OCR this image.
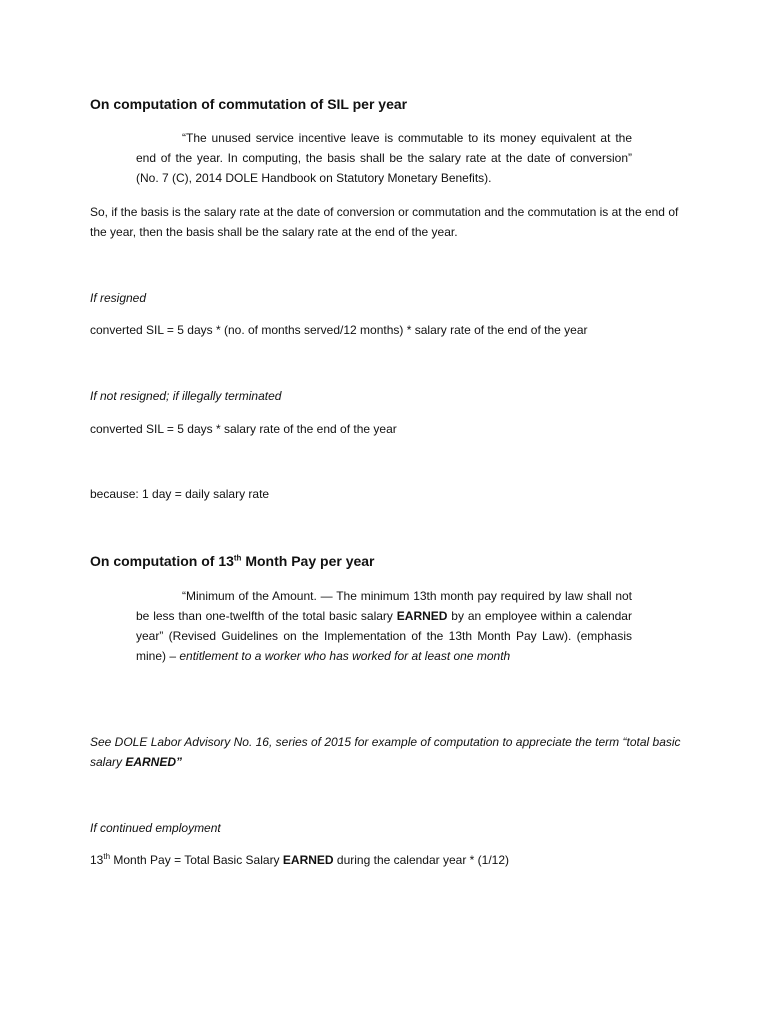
On computation of commutation of SIL per year

“The unused service incentive leave is commutable to its money equivalent at the end of the year. In computing, the basis shall be the salary rate at the date of conversion” (No. 7 (C), 2014 DOLE Handbook on Statutory Monetary Benefits).

So, if the basis is the salary rate at the date of conversion or commutation and the commutation is at the end of the year, then the basis shall be the salary rate at the end of the year.

If resigned

converted SIL = 5 days * (no. of months served/12 months) * salary rate of the end of the year

If not resigned; if illegally terminated

converted SIL = 5 days * salary rate of the end of the year

because: 1 day = daily salary rate

On computation of 13th Month Pay per year

“Minimum of the Amount. — The minimum 13th month pay required by law shall not be less than one-twelfth of the total basic salary EARNED by an employee within a calendar year” (Revised Guidelines on the Implementation of the 13th Month Pay Law). (emphasis mine) – entitlement to a worker who has worked for at least one month

See DOLE Labor Advisory No. 16, series of 2015 for example of computation to appreciate the term “total basic salary EARNED”

If continued employment

13th Month Pay = Total Basic Salary EARNED during the calendar year * (1/12)
